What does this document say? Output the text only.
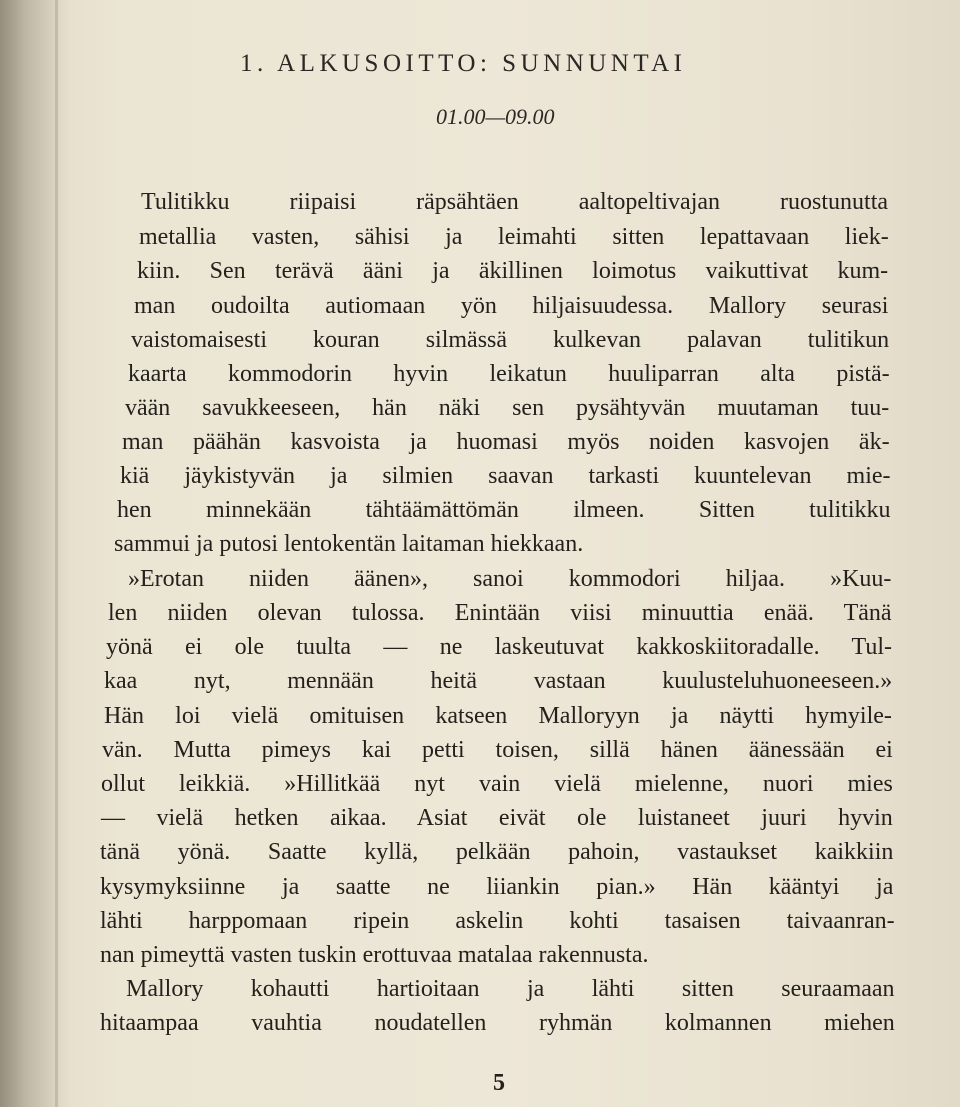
1. ALKUSOITTO: SUNNUNTAI
01.00—09.00
Tulitikku riipaisi räpsähtäen aaltopeltivajan ruostunutta
metallia vasten, sähisi ja leimahti sitten lepattavaan liek-
kiin. Sen terävä ääni ja äkillinen loimotus vaikuttivat kum-
man oudoilta autiomaan yön hiljaisuudessa. Mallory seurasi
vaistomaisesti kouran silmässä kulkevan palavan tulitikun
kaarta kommodorin hyvin leikatun huuliparran alta pistä-
vään savukkeeseen, hän näki sen pysähtyvän muutaman tuu-
man päähän kasvoista ja huomasi myös noiden kasvojen äk-
kiä jäykistyvän ja silmien saavan tarkasti kuuntelevan mie-
hen minnekään tähtäämättömän ilmeen. Sitten tulitikku
sammui ja putosi lentokentän laitaman hiekkaan.
»Erotan niiden äänen», sanoi kommodori hiljaa. »Kuu-
len niiden olevan tulossa. Enintään viisi minuuttia enää. Tänä
yönä ei ole tuulta — ne laskeutuvat kakkoskiitoradalle. Tul-
kaa nyt, mennään heitä vastaan kuulusteluhuoneeseen.»
Hän loi vielä omituisen katseen Malloryyn ja näytti hymyile-
vän. Mutta pimeys kai petti toisen, sillä hänen äänessään ei
ollut leikkiä. »Hillitkää nyt vain vielä mielenne, nuori mies
— vielä hetken aikaa. Asiat eivät ole luistaneet juuri hyvin
tänä yönä. Saatte kyllä, pelkään pahoin, vastaukset kaikkiin
kysymyksiinne ja saatte ne liiankin pian.» Hän kääntyi ja
lähti harppomaan ripein askelin kohti tasaisen taivaanran-
nan pimeyttä vasten tuskin erottuvaa matalaa rakennusta.
Mallory kohautti hartioitaan ja lähti sitten seuraamaan
hitaampaa vauhtia noudatellen ryhmän kolmannen miehen
5
